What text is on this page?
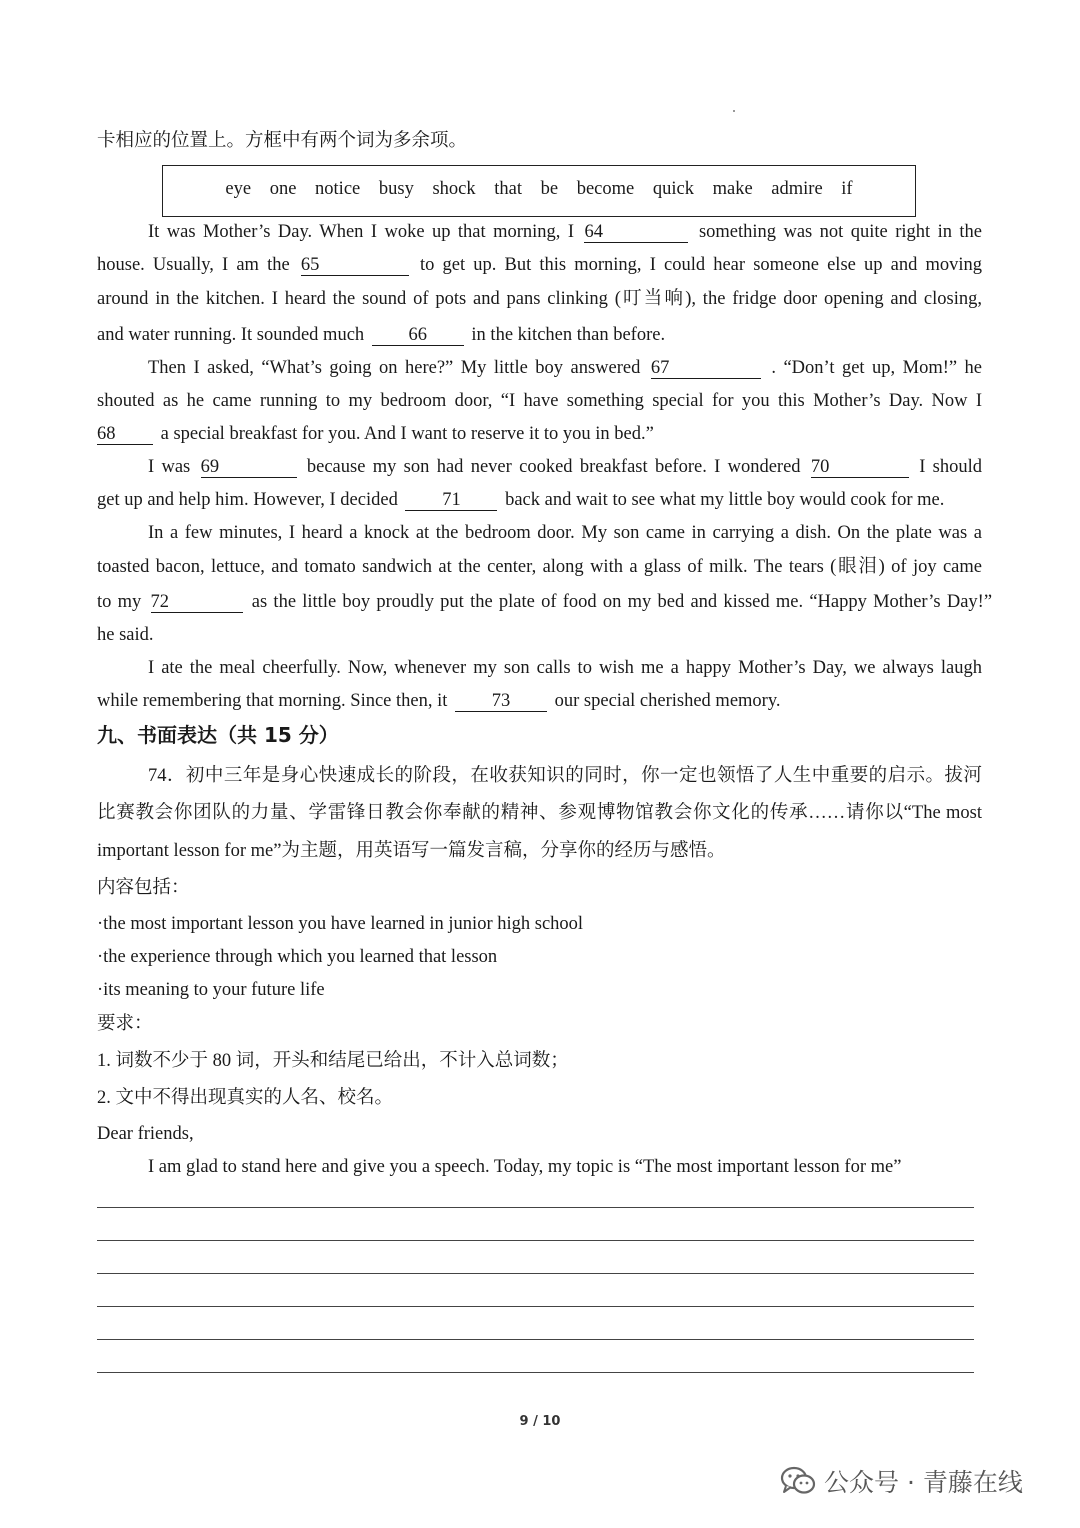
卡相应的位置上。方框中有两个词为多余项。
eye one notice busy shock that be become quick make admire if
It was Mother’s Day. When I woke up that morning, I 64	something was not quite right in the
house. Usually, I am the 65	to get up. But this morning, I could hear someone else up and moving
around in the kitchen. I heard the sound of pots and pans clinking (叮当响), the fridge door opening and closing,
and water running. It sounded much 66 in the kitchen than before.
Then I asked, “What’s going on here?” My little boy answered 67	. “Don’t get up, Mom!” he
shouted as he came running to my bedroom door, “I have something special for you this Mother’s Day. Now I
68 a special breakfast for you. And I want to reserve it to you in bed.”
I was 69	because my son had never cooked breakfast before. I wondered 70	I should
get up and help him. However, I decided 71 back and wait to see what my little boy would cook for me.
In a few minutes, I heard a knock at the bedroom door. My son came in carrying a dish. On the plate was a
toasted bacon, lettuce, and tomato sandwich at the center, along with a glass of milk. The tears (眼泪) of joy came
to my 72	as the little boy proudly put the plate of food on my bed and kissed me. “Happy Mother’s Day!”
he said.
I ate the meal cheerfully. Now, whenever my son calls to wish me a happy Mother’s Day, we always laugh
while remembering that morning. Since then, it 73 our special cherished memory.
九、书面表达（共 15 分）
74．初中三年是身心快速成长的阶段，在收获知识的同时，你一定也领悟了人生中重要的启示。拔河
比赛教会你团队的力量、学雷锋日教会你奉献的精神、参观博物馆教会你文化的传承……请你以“The most
important lesson for me”为主题，用英语写一篇发言稿，分享你的经历与感悟。
内容包括：
·the most important lesson you have learned in junior high school
·the experience through which you learned that lesson
·its meaning to your future life
要求：
1. 词数不少于 80 词，开头和结尾已给出，不计入总词数；
2. 文中不得出现真实的人名、校名。
Dear friends,
I am glad to stand here and give you a speech. Today, my topic is “The most important lesson for me”
9 / 10
公众号 · 青藤在线
